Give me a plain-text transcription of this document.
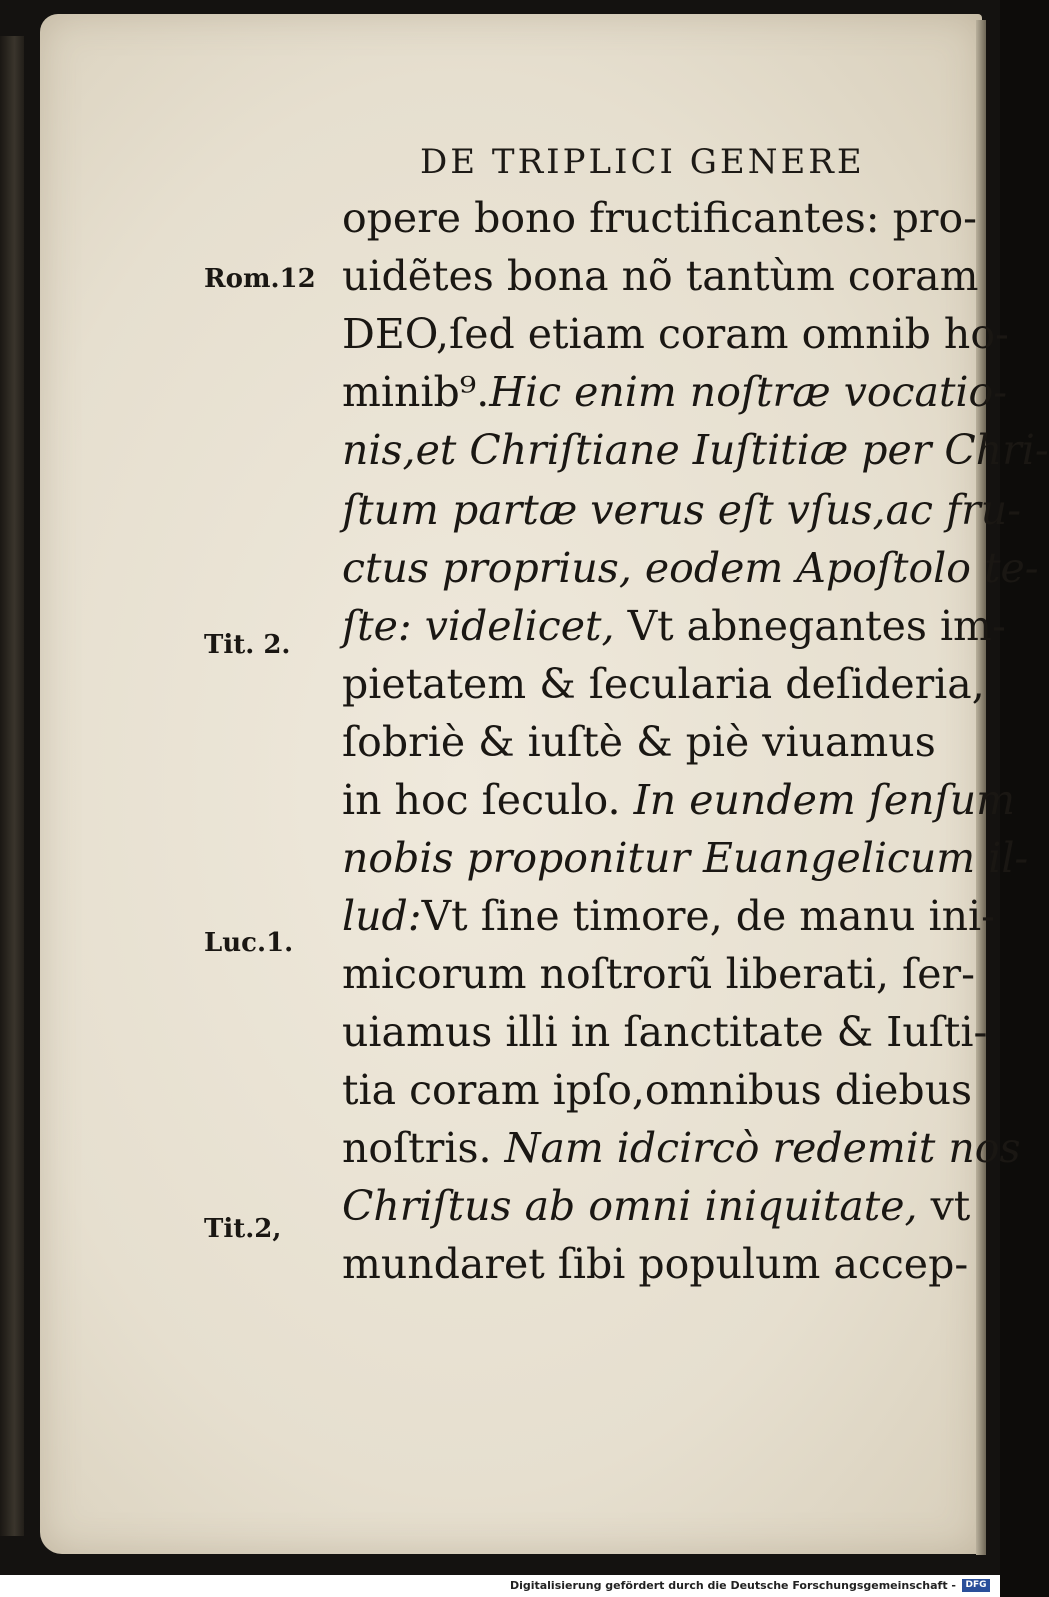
DE TRIPLICI GENERE
Rom.12
Tit. 2.
Luc.1.
Tit.2,
opere bono fructificantes: pro-
uidẽtes bona nõ tantùm coram
DEO,ſed etiam coram omnib ho-
minib⁹.Hic enim noſtræ vocatio-
nis,et Chriſtiane Iuſtitiæ per Chri-
ſtum partæ verus eſt vſus,ac fru-
ctus proprius, eodem Apoſtolo te-
ſte: videlicet, Vt abnegantes im-
pietatem & ſecularia deſideria,
ſobriè & iuſtè & piè viuamus
in hoc ſeculo. In eundem ſenſum
nobis proponitur Euangelicum il-
lud:Vt ſine timore, de manu ini-
micorum noſtrorũ liberati, ſer-
uiamus illi in ſanctitate & Iuſti-
tia coram ipſo,omnibus diebus
noſtris. Nam idcircò redemit nos
Chriſtus ab omni iniquitate, vt
mundaret ſibi populum accep-
Digitalisierung gefördert durch die Deutsche Forschungsgemeinschaft -	DFG
